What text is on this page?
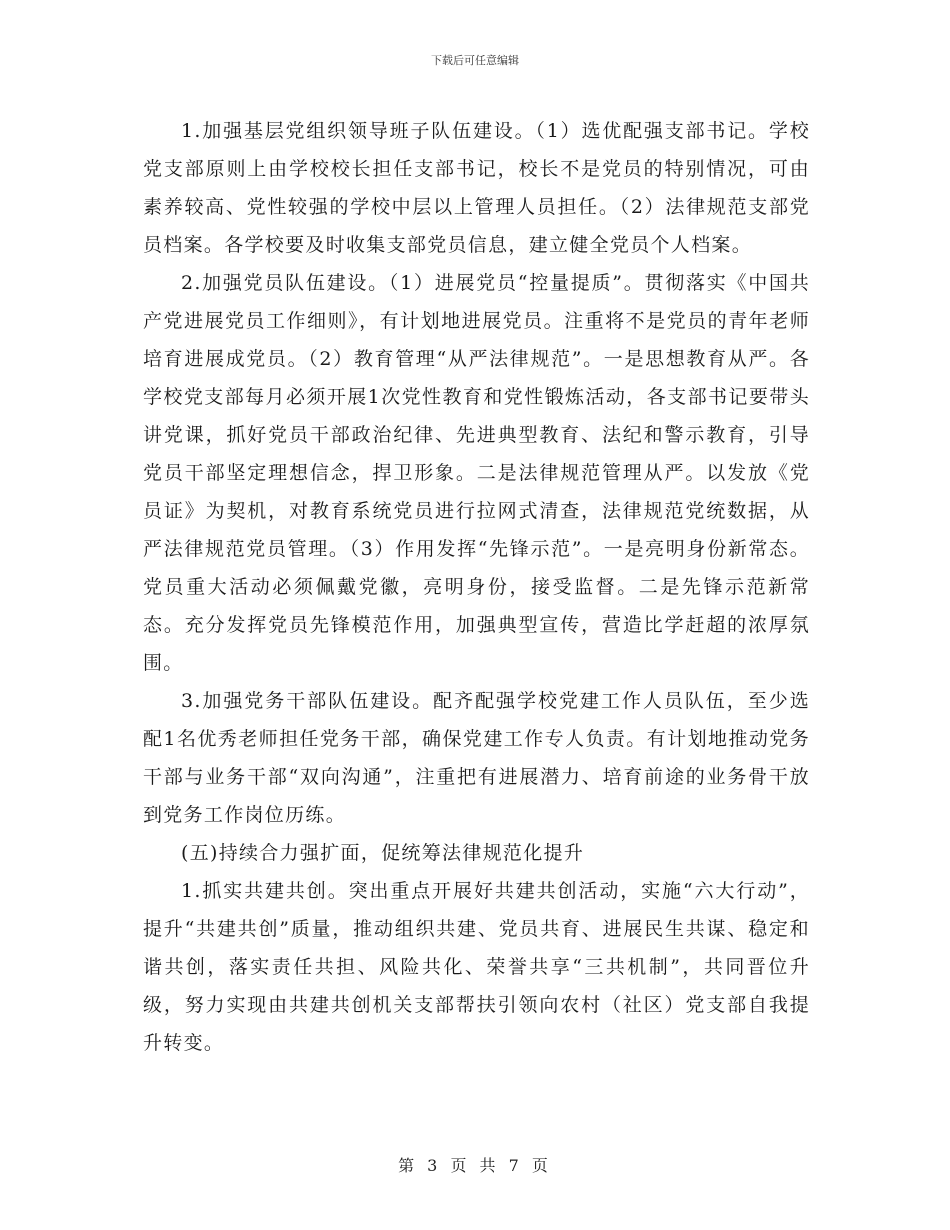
下载后可任意编辑

1.加强基层党组织领导班子队伍建设。（1）选优配强支部书记。学校党支部原则上由学校校长担任支部书记，校长不是党员的特别情况，可由素养较高、党性较强的学校中层以上管理人员担任。（2）法律规范支部党员档案。各学校要及时收集支部党员信息，建立健全党员个人档案。

2.加强党员队伍建设。（1）进展党员“控量提质”。贯彻落实《中国共产党进展党员工作细则》，有计划地进展党员。注重将不是党员的青年老师培育进展成党员。（2）教育管理“从严法律规范”。一是思想教育从严。各学校党支部每月必须开展1次党性教育和党性锻炼活动，各支部书记要带头讲党课，抓好党员干部政治纪律、先进典型教育、法纪和警示教育，引导党员干部坚定理想信念，捍卫形象。二是法律规范管理从严。以发放《党员证》为契机，对教育系统党员进行拉网式清查，法律规范党统数据，从严法律规范党员管理。（3）作用发挥“先锋示范”。一是亮明身份新常态。党员重大活动必须佩戴党徽，亮明身份，接受监督。二是先锋示范新常态。充分发挥党员先锋模范作用，加强典型宣传，营造比学赶超的浓厚氛围。

3.加强党务干部队伍建设。配齐配强学校党建工作人员队伍，至少选配1名优秀老师担任党务干部，确保党建工作专人负责。有计划地推动党务干部与业务干部“双向沟通”，注重把有进展潜力、培育前途的业务骨干放到党务工作岗位历练。

(五)持续合力强扩面，促统筹法律规范化提升

1.抓实共建共创。突出重点开展好共建共创活动，实施“六大行动”，提升“共建共创”质量，推动组织共建、党员共育、进展民生共谋、稳定和谐共创，落实责任共担、风险共化、荣誉共享“三共机制”，共同晋位升级，努力实现由共建共创机关支部帮扶引领向农村（社区）党支部自我提升转变。

第 3 页 共 7 页
